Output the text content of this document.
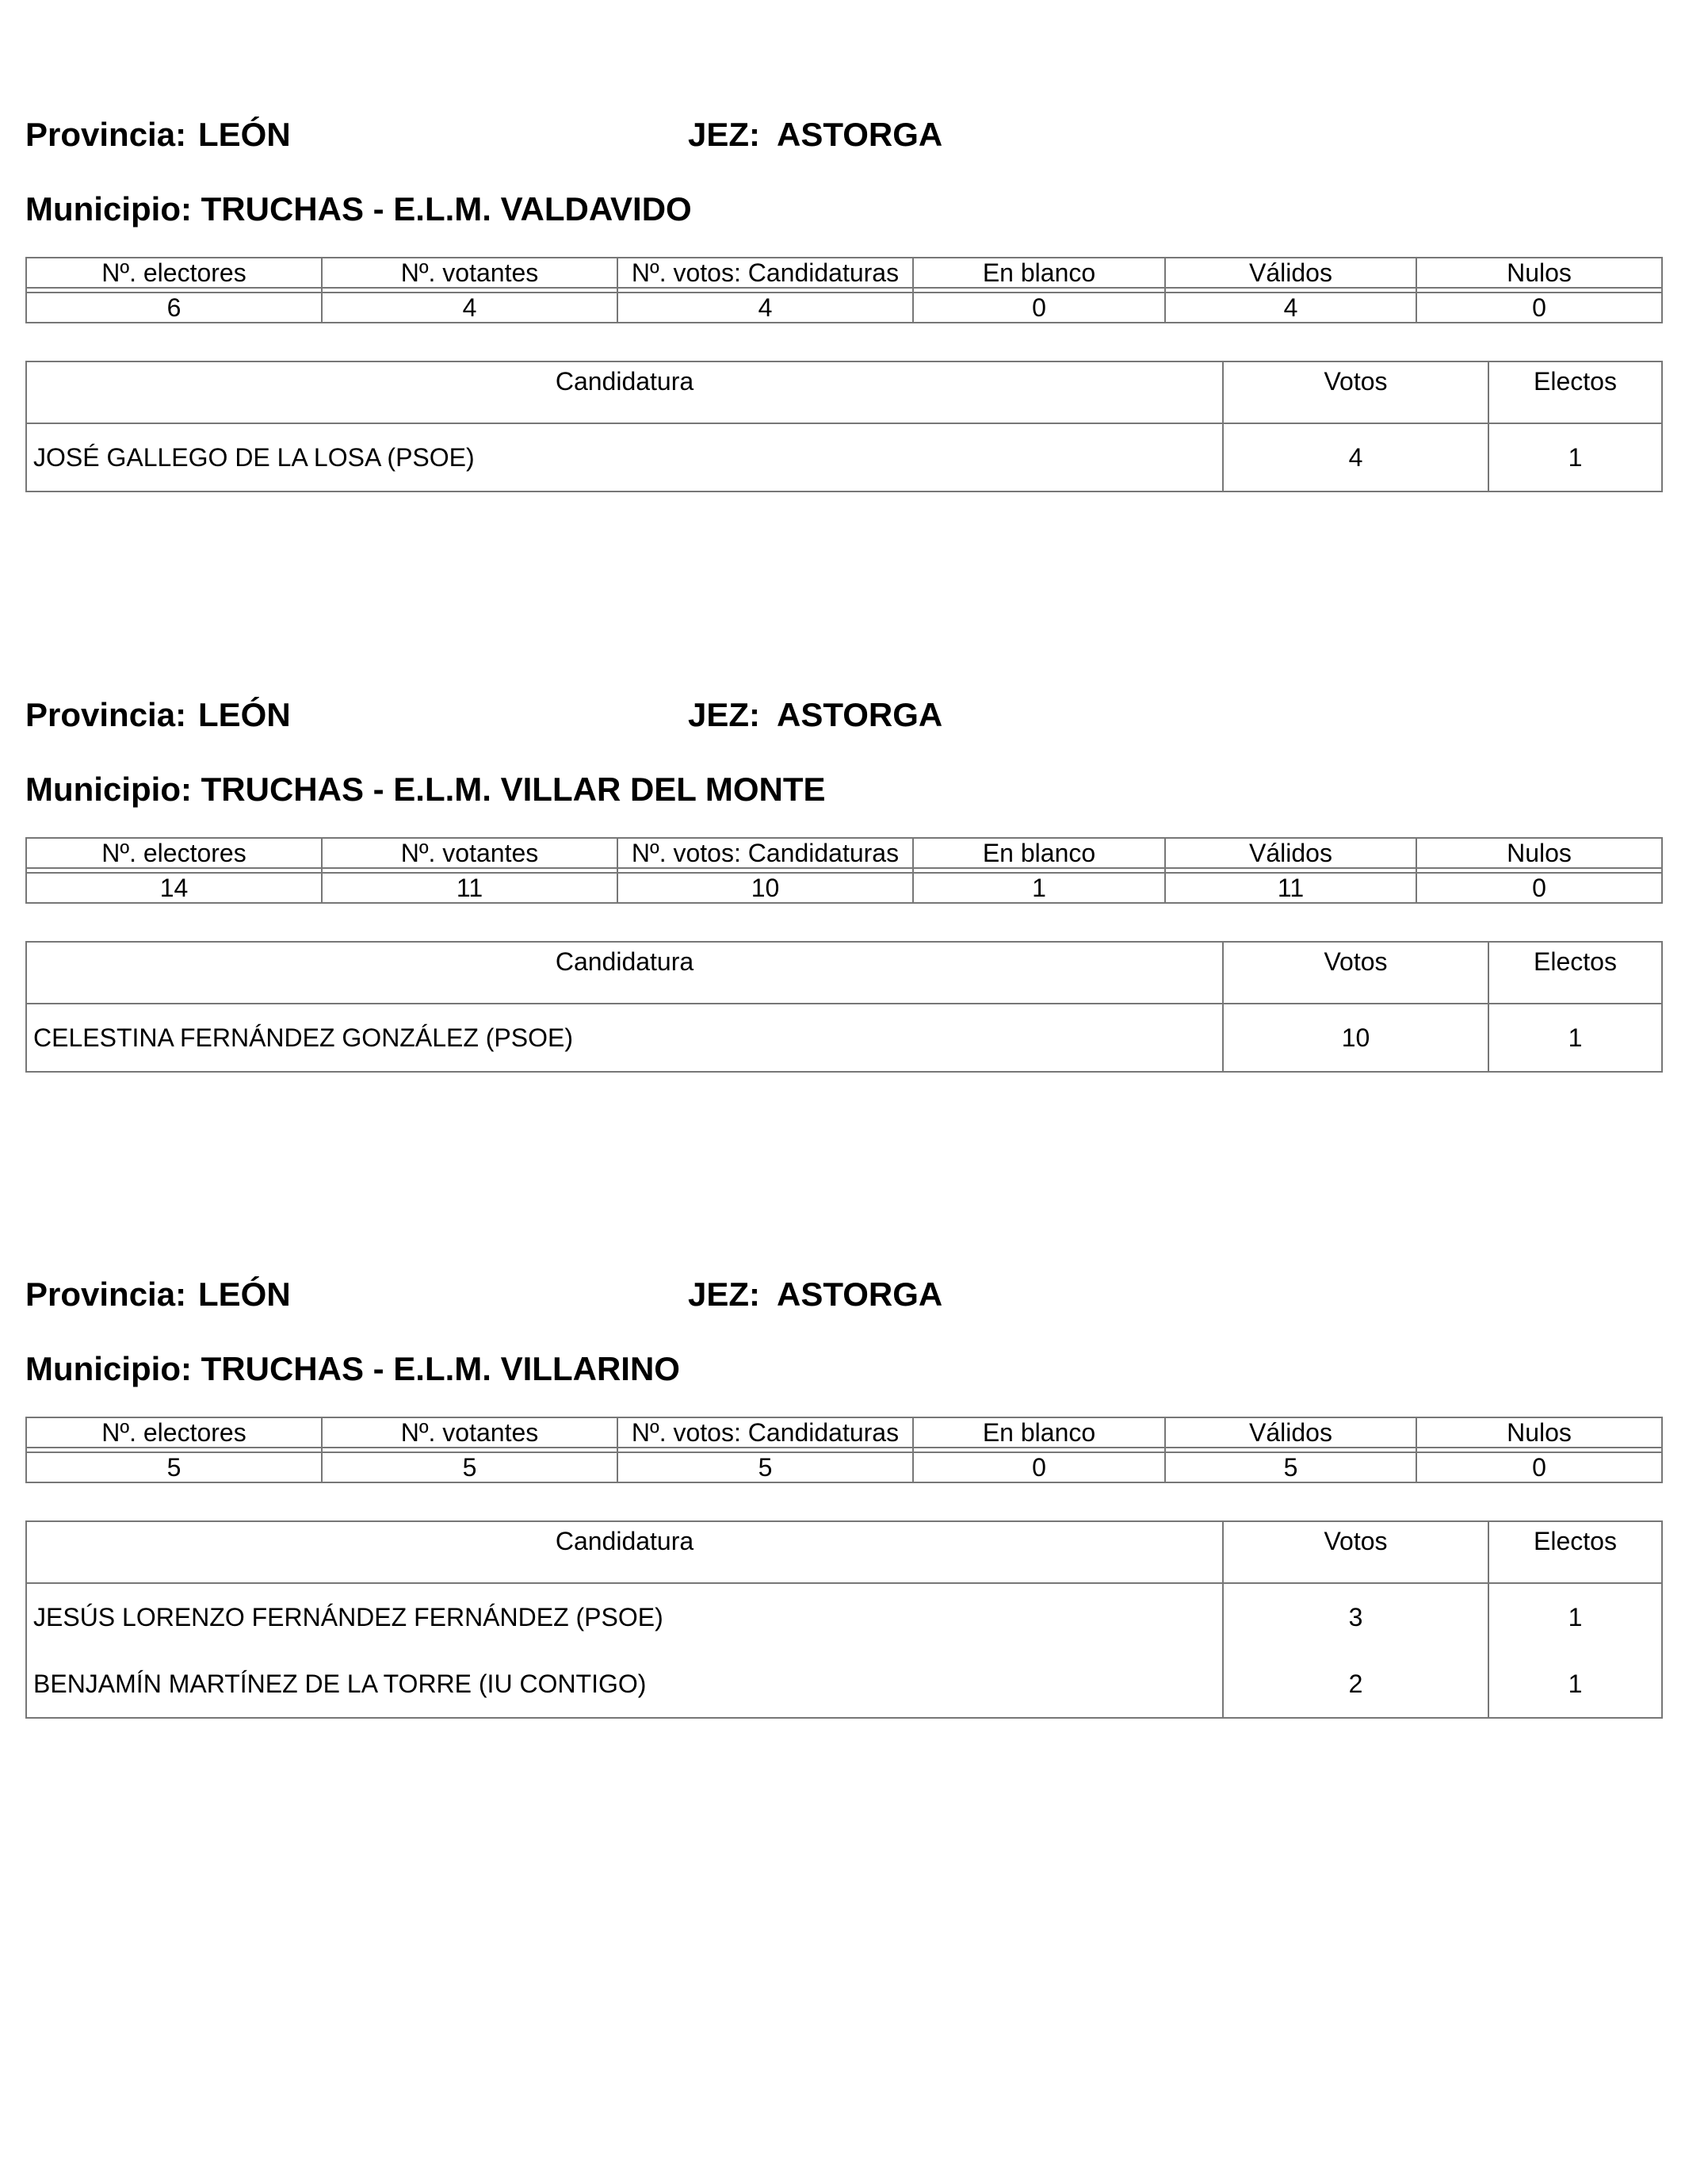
Provincia: LEÓN	JEZ: ASTORGA
Municipio: TRUCHAS - E.L.M. VALDAVIDO
Nº. electores	Nº. votantes	Nº. votos: Candidaturas	En blanco	Válidos	Nulos

6	4	4	0	4	0
Candidatura	Votos	Electos
JOSÉ GALLEGO DE LA LOSA (PSOE)	4	1
Provincia: LEÓN	JEZ: ASTORGA
Municipio: TRUCHAS - E.L.M. VILLAR DEL MONTE
Nº. electores	Nº. votantes	Nº. votos: Candidaturas	En blanco	Válidos	Nulos

14	11	10	1	11	0
Candidatura	Votos	Electos
CELESTINA FERNÁNDEZ GONZÁLEZ (PSOE)	10	1
Provincia: LEÓN	JEZ: ASTORGA
Municipio: TRUCHAS - E.L.M. VILLARINO
Nº. electores	Nº. votantes	Nº. votos: Candidaturas	En blanco	Válidos	Nulos

5	5	5	0	5	0
Candidatura	Votos	Electos
JESÚS LORENZO FERNÁNDEZ FERNÁNDEZ (PSOE)	3	1
BENJAMÍN MARTÍNEZ DE LA TORRE (IU CONTIGO)	2	1
